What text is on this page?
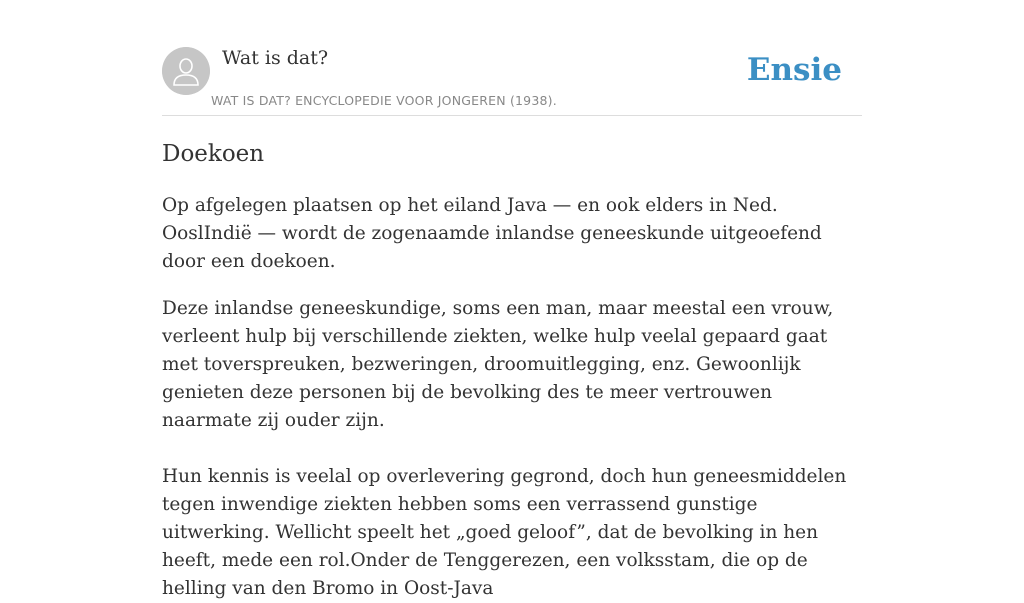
Wat is dat?
WAT IS DAT? ENCYCLOPEDIE VOOR JONGEREN (1938).
Ensie
Doekoen

Op afgelegen plaatsen op het eiland Java — en ook elders in Ned. OoslIndië — wordt de zogenaamde inlandse geneeskunde uitgeoefend door een doekoen.

Deze inlandse geneeskundige, soms een man, maar meestal een vrouw, verleent hulp bij verschillende ziekten, welke hulp veelal gepaard gaat met toverspreuken, bezweringen, droomuitlegging, enz. Gewoonlijk genieten deze personen bij de bevolking des te meer vertrouwen naarmate zij ouder zijn.

Hun kennis is veelal op overlevering gegrond, doch hun geneesmiddelen tegen inwendige ziekten hebben soms een verrassend gunstige uitwerking. Wellicht speelt het „goed geloof”, dat de bevolking in hen heeft, mede een rol.Onder de Tenggerezen, een volksstam, die op de helling van den Bromo in Oost-Java
